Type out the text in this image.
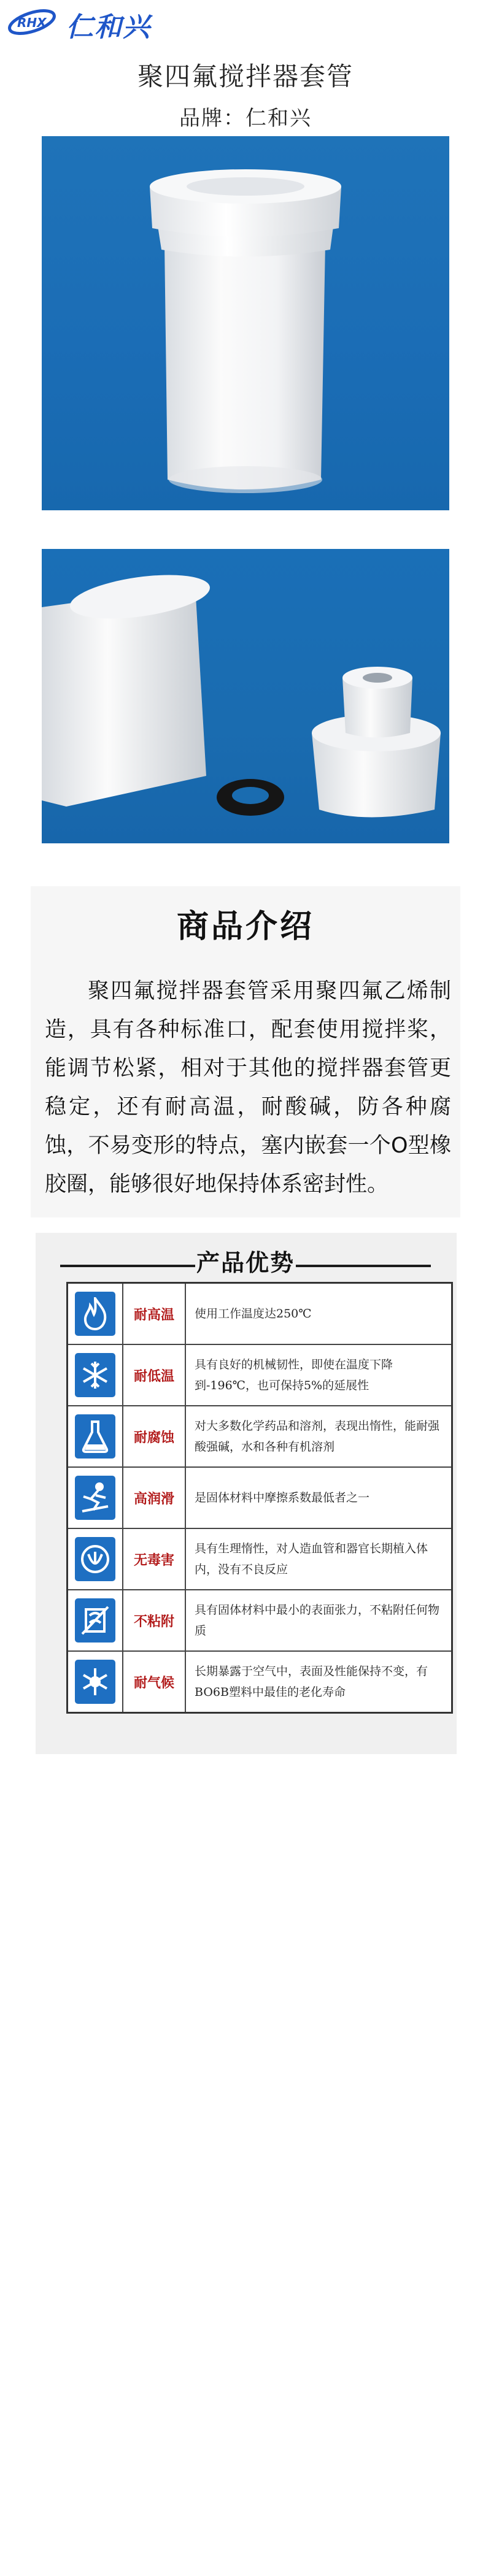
RHX 仁和兴
聚四氟搅拌器套管
品牌：仁和兴
商品介绍
聚四氟搅拌器套管采用聚四氟乙烯制造，具有各种标准口，配套使用搅拌桨，能调节松紧，相对于其他的搅拌器套管更稳定，还有耐高温，耐酸碱，防各种腐蚀，不易变形的特点，塞内嵌套一个O型橡胶圈，能够很好地保持体系密封性。
产品优势
耐高温	使用工作温度达250℃
耐低温
具有良好的机械韧性，即使在温度下降到-196℃，也可保持5%的延展性
耐腐蚀
对大多数化学药品和溶剂，表现出惰性，能耐强酸强碱，水和各种有机溶剂
高润滑	是固体材料中摩擦系数最低者之一
无毒害
具有生理惰性，对人造血管和器官长期植入体内，没有不良反应
不粘附
具有固体材料中最小的表面张力，不粘附任何物质
耐气候
长期暴露于空气中，表面及性能保持不变，有BO6B塑料中最佳的老化寿命
